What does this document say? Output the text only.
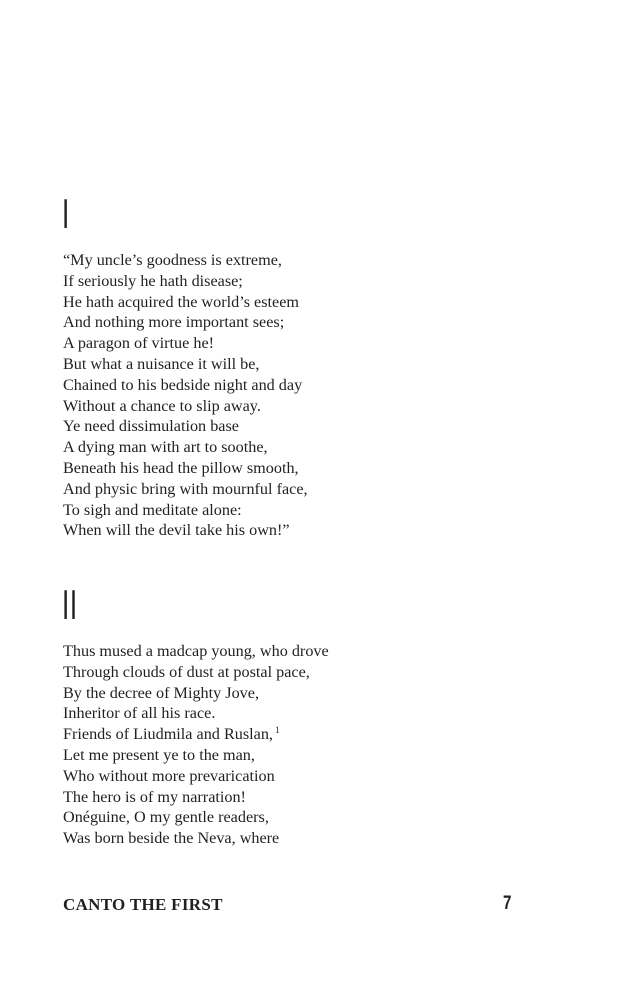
I
“My uncle’s goodness is extreme,
If seriously he hath disease;
He hath acquired the world’s esteem
And nothing more important sees;
A paragon of virtue he!
But what a nuisance it will be,
Chained to his bedside night and day
Without a chance to slip away.
Ye need dissimulation base
A dying man with art to soothe,
Beneath his head the pillow smooth,
And physic bring with mournful face,
To sigh and meditate alone:
When will the devil take his own!”
II
Thus mused a madcap young, who drove
Through clouds of dust at postal pace,
By the decree of Mighty Jove,
Inheritor of all his race.
Friends of Liudmila and Ruslan, $^1$
Let me present ye to the man,
Who without more prevarication
The hero is of my narration!
Onéguine, O my gentle readers,
Was born beside the Neva, where
CANTO THE FIRST	7
